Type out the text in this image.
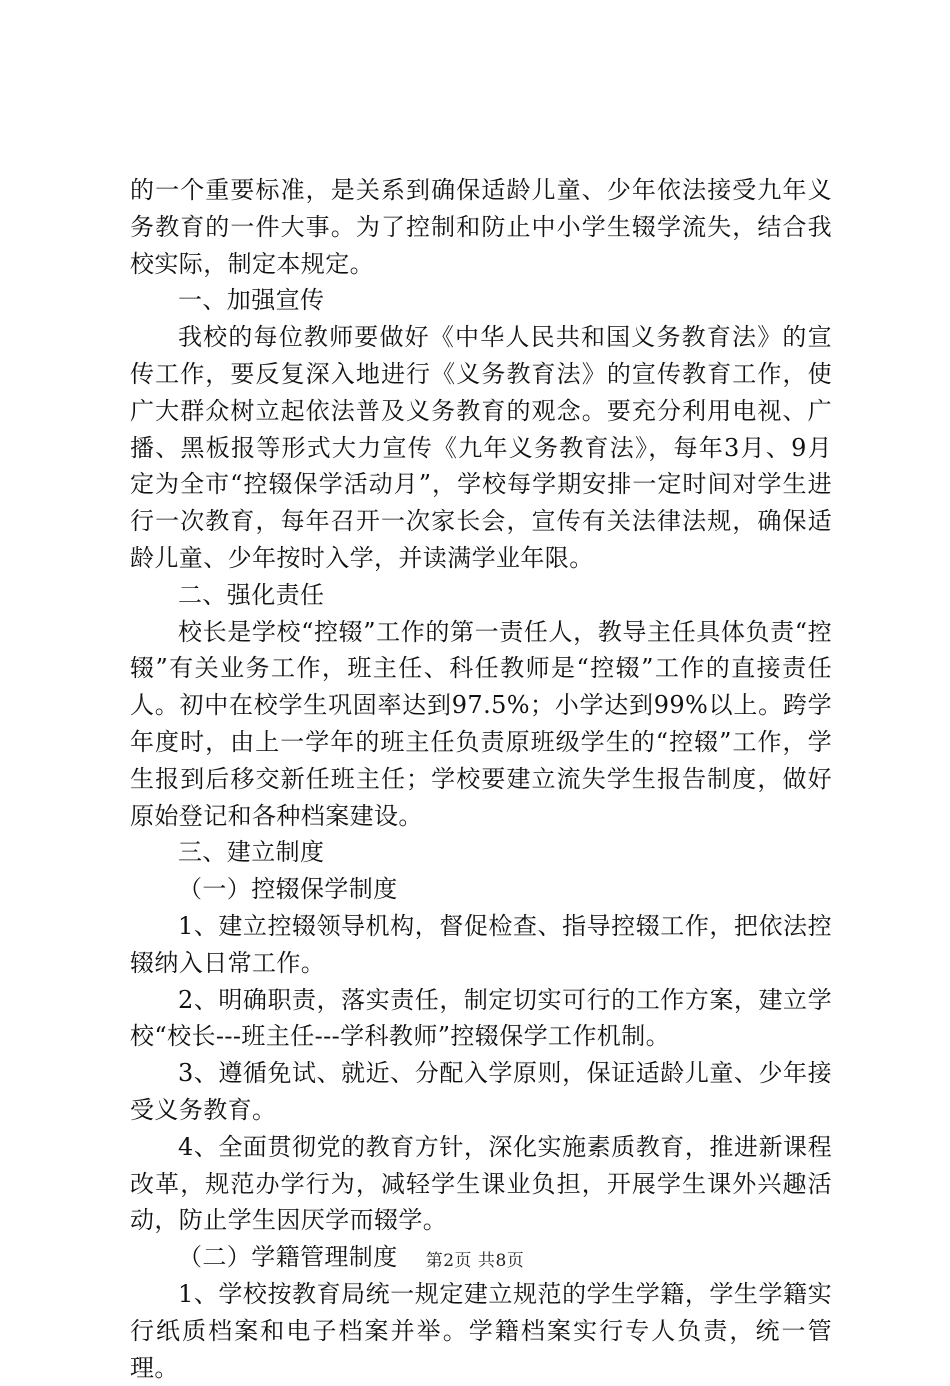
的一个重要标准，是关系到确保适龄儿童、少年依法接受九年义务教育的一件大事。为了控制和防止中小学生辍学流失，结合我校实际，制定本规定。

一、加强宣传

我校的每位教师要做好《中华人民共和国义务教育法》的宣传工作，要反复深入地进行《义务教育法》的宣传教育工作，使广大群众树立起依法普及义务教育的观念。要充分利用电视、广播、黑板报等形式大力宣传《九年义务教育法》，每年3月、9月定为全市“控辍保学活动月”，学校每学期安排一定时间对学生进行一次教育，每年召开一次家长会，宣传有关法律法规，确保适龄儿童、少年按时入学，并读满学业年限。

二、强化责任

校长是学校“控辍”工作的第一责任人，教导主任具体负责“控辍”有关业务工作，班主任、科任教师是“控辍”工作的直接责任人。初中在校学生巩固率达到97.5%；小学达到99%以上。跨学年度时，由上一学年的班主任负责原班级学生的“控辍”工作，学生报到后移交新任班主任；学校要建立流失学生报告制度，做好原始登记和各种档案建设。

三、建立制度

（一）控辍保学制度

1、建立控辍领导机构，督促检查、指导控辍工作，把依法控辍纳入日常工作。

2、明确职责，落实责任，制定切实可行的工作方案，建立学校“校长---班主任---学科教师”控辍保学工作机制。

3、遵循免试、就近、分配入学原则，保证适龄儿童、少年接受义务教育。

4、全面贯彻党的教育方针，深化实施素质教育，推进新课程改革，规范办学行为，减轻学生课业负担，开展学生课外兴趣活动，防止学生因厌学而辍学。

（二）学籍管理制度

1、学校按教育局统一规定建立规范的学生学籍，学生学籍实行纸质档案和电子档案并举。学籍档案实行专人负责，统一管理。

第2页 共8页
